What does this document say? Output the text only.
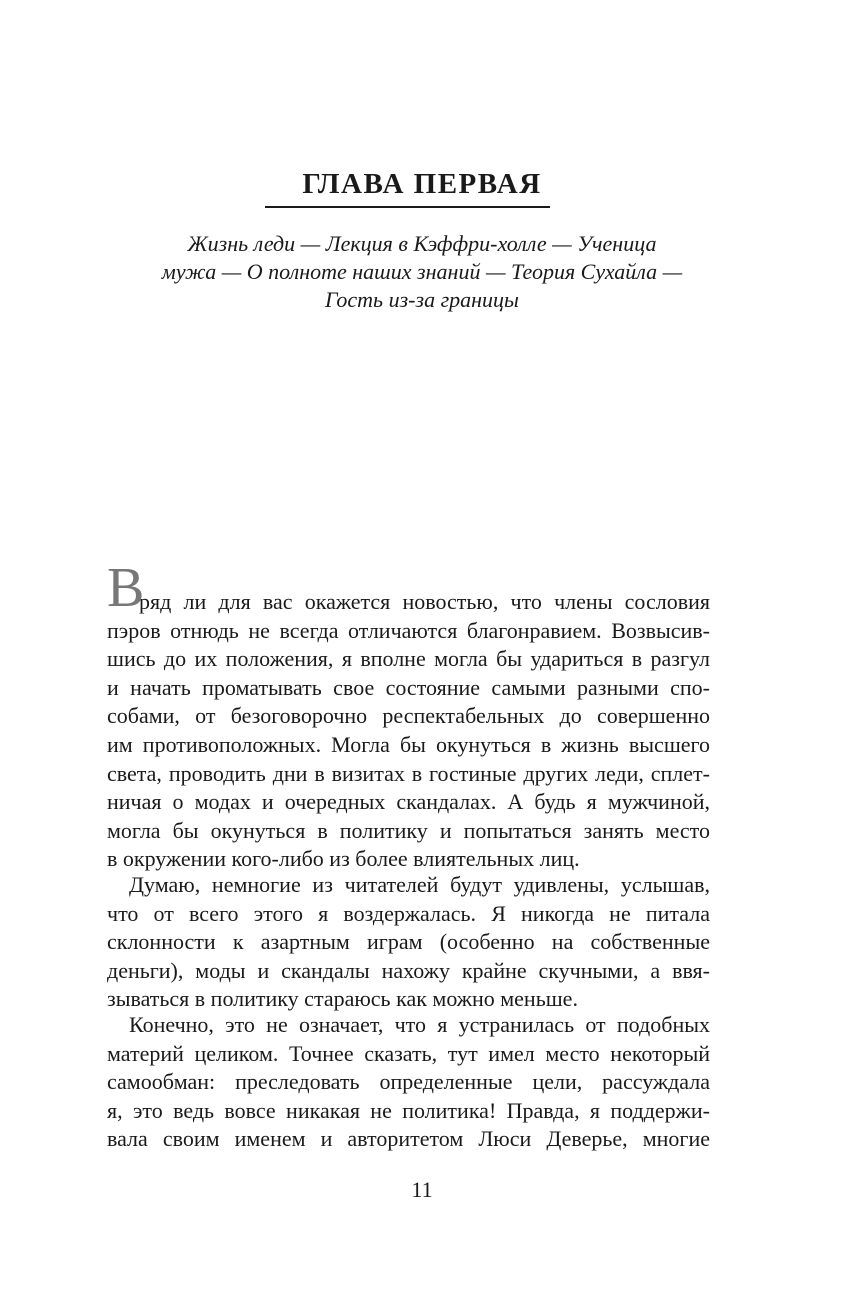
ГЛАВА ПЕРВАЯ
Жизнь леди — Лекция в Кэффри-холле — Ученица
мужа — О полноте наших знаний — Теория Сухайла —
Гость из-за границы
В
ряд ли для вас окажется новостью, что члены сословия
пэров отнюдь не всегда отличаются благонравием. Возвысив-
шись до их положения, я вполне могла бы удариться в разгул
и начать проматывать свое состояние самыми разными спо-
собами, от безоговорочно респектабельных до совершенно
им противоположных. Могла бы окунуться в жизнь высшего
света, проводить дни в визитах в гостиные других леди, сплет-
ничая о модах и очередных скандалах. А будь я мужчиной,
могла бы окунуться в политику и попытаться занять место
в окружении кого-либо из более влиятельных лиц.
Думаю, немногие из читателей будут удивлены, услышав,
что от всего этого я воздержалась. Я никогда не питала
склонности к азартным играм (особенно на собственные
деньги), моды и скандалы нахожу крайне скучными, а ввя-
зываться в политику стараюсь как можно меньше.
Конечно, это не означает, что я устранилась от подобных
материй целиком. Точнее сказать, тут имел место некоторый
самообман: преследовать определенные цели, рассуждала
я, это ведь вовсе никакая не политика! Правда, я поддержи-
вала своим именем и авторитетом Люси Деверье, многие
11
